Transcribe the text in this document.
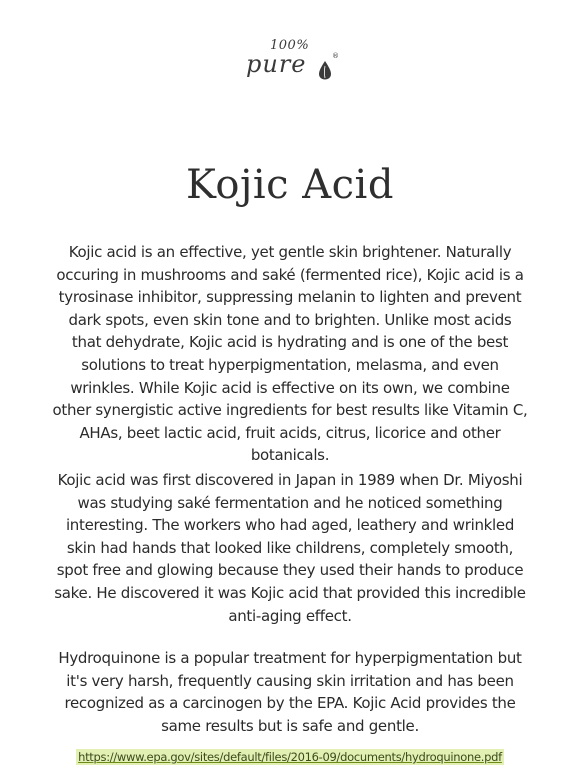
100%
pure	®
Kojic Acid

Kojic acid is an effective, yet gentle skin brightener. Naturally occuring in mushrooms and saké (fermented rice), Kojic acid is a tyrosinase inhibitor, suppressing melanin to lighten and prevent dark spots, even skin tone and to brighten. Unlike most acids that dehydrate, Kojic acid is hydrating and is one of the best solutions to treat hyperpigmentation, melasma, and even wrinkles. While Kojic acid is effective on its own, we combine other synergistic active ingredients for best results like Vitamin C, AHAs, beet lactic acid, fruit acids, citrus, licorice and other botanicals.

Kojic acid was first discovered in Japan in 1989 when Dr. Miyoshi was studying saké fermentation and he noticed something interesting. The workers who had aged, leathery and wrinkled skin had hands that looked like childrens, completely smooth, spot free and glowing because they used their hands to produce sake. He discovered it was Kojic acid that provided this incredible anti-aging effect.

Hydroquinone is a popular treatment for hyperpigmentation but it's very harsh, frequently causing skin irritation and has been recognized as a carcinogen by the EPA. Kojic Acid provides the same results but is safe and gentle.

https://www.epa.gov/sites/default/files/2016-09/documents/hydroquinone.pdf
